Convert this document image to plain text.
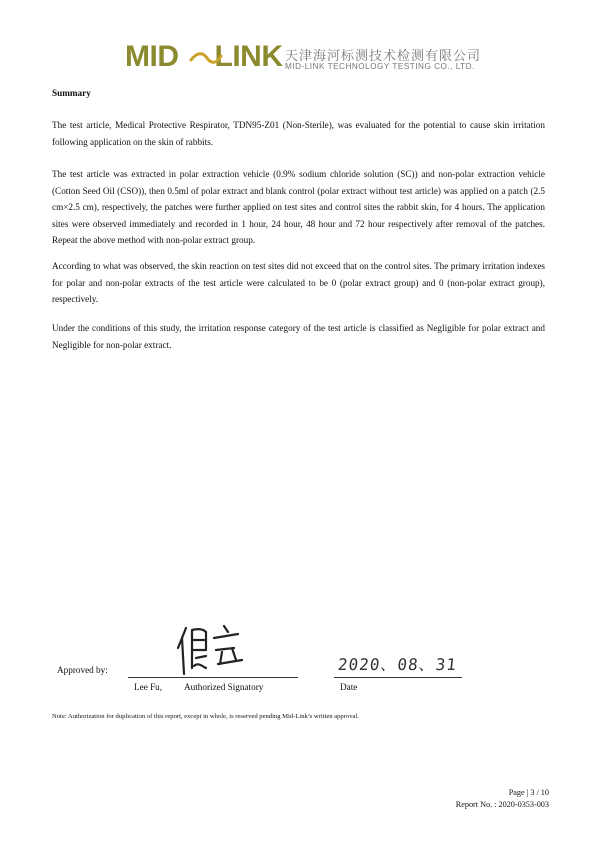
MID LINK 天津海河标测技术检测有限公司
MID-LINK TECHNOLOGY TESTING CO., LTD.
Summary

The test article, Medical Protective Respirator, TDN95-Z01 (Non-Sterile), was evaluated for the potential to cause skin irritation following application on the skin of rabbits.

The test article was extracted in polar extraction vehicle (0.9% sodium chloride solution (SC)) and non-polar extraction vehicle (Cotton Seed Oil (CSO)), then 0.5ml of polar extract and blank control (polar extract without test article) was applied on a patch (2.5 cm×2.5 cm), respectively, the patches were further applied on test sites and control sites the rabbit skin, for 4 hours. The application sites were observed immediately and recorded in 1 hour, 24 hour, 48 hour and 72 hour respectively after removal of the patches. Repeat the above method with non-polar extract group.

According to what was observed, the skin reaction on test sites did not exceed that on the control sites. The primary irritation indexes for polar and non-polar extracts of the test article were calculated to be 0 (polar extract group) and 0 (non-polar extract group), respectively.

Under the conditions of this study, the irritation response category of the test article is classified as Negligible for polar extract and Negligible for non-polar extract.

Approved by:	2020、08、31
Lee Fu, Authorized Signatory	Date
Note: Authorization for duplication of this report, except in whole, is reserved pending Mid-Link’s written approval.
Page | 3 / 10
Report No. : 2020-0353-003
